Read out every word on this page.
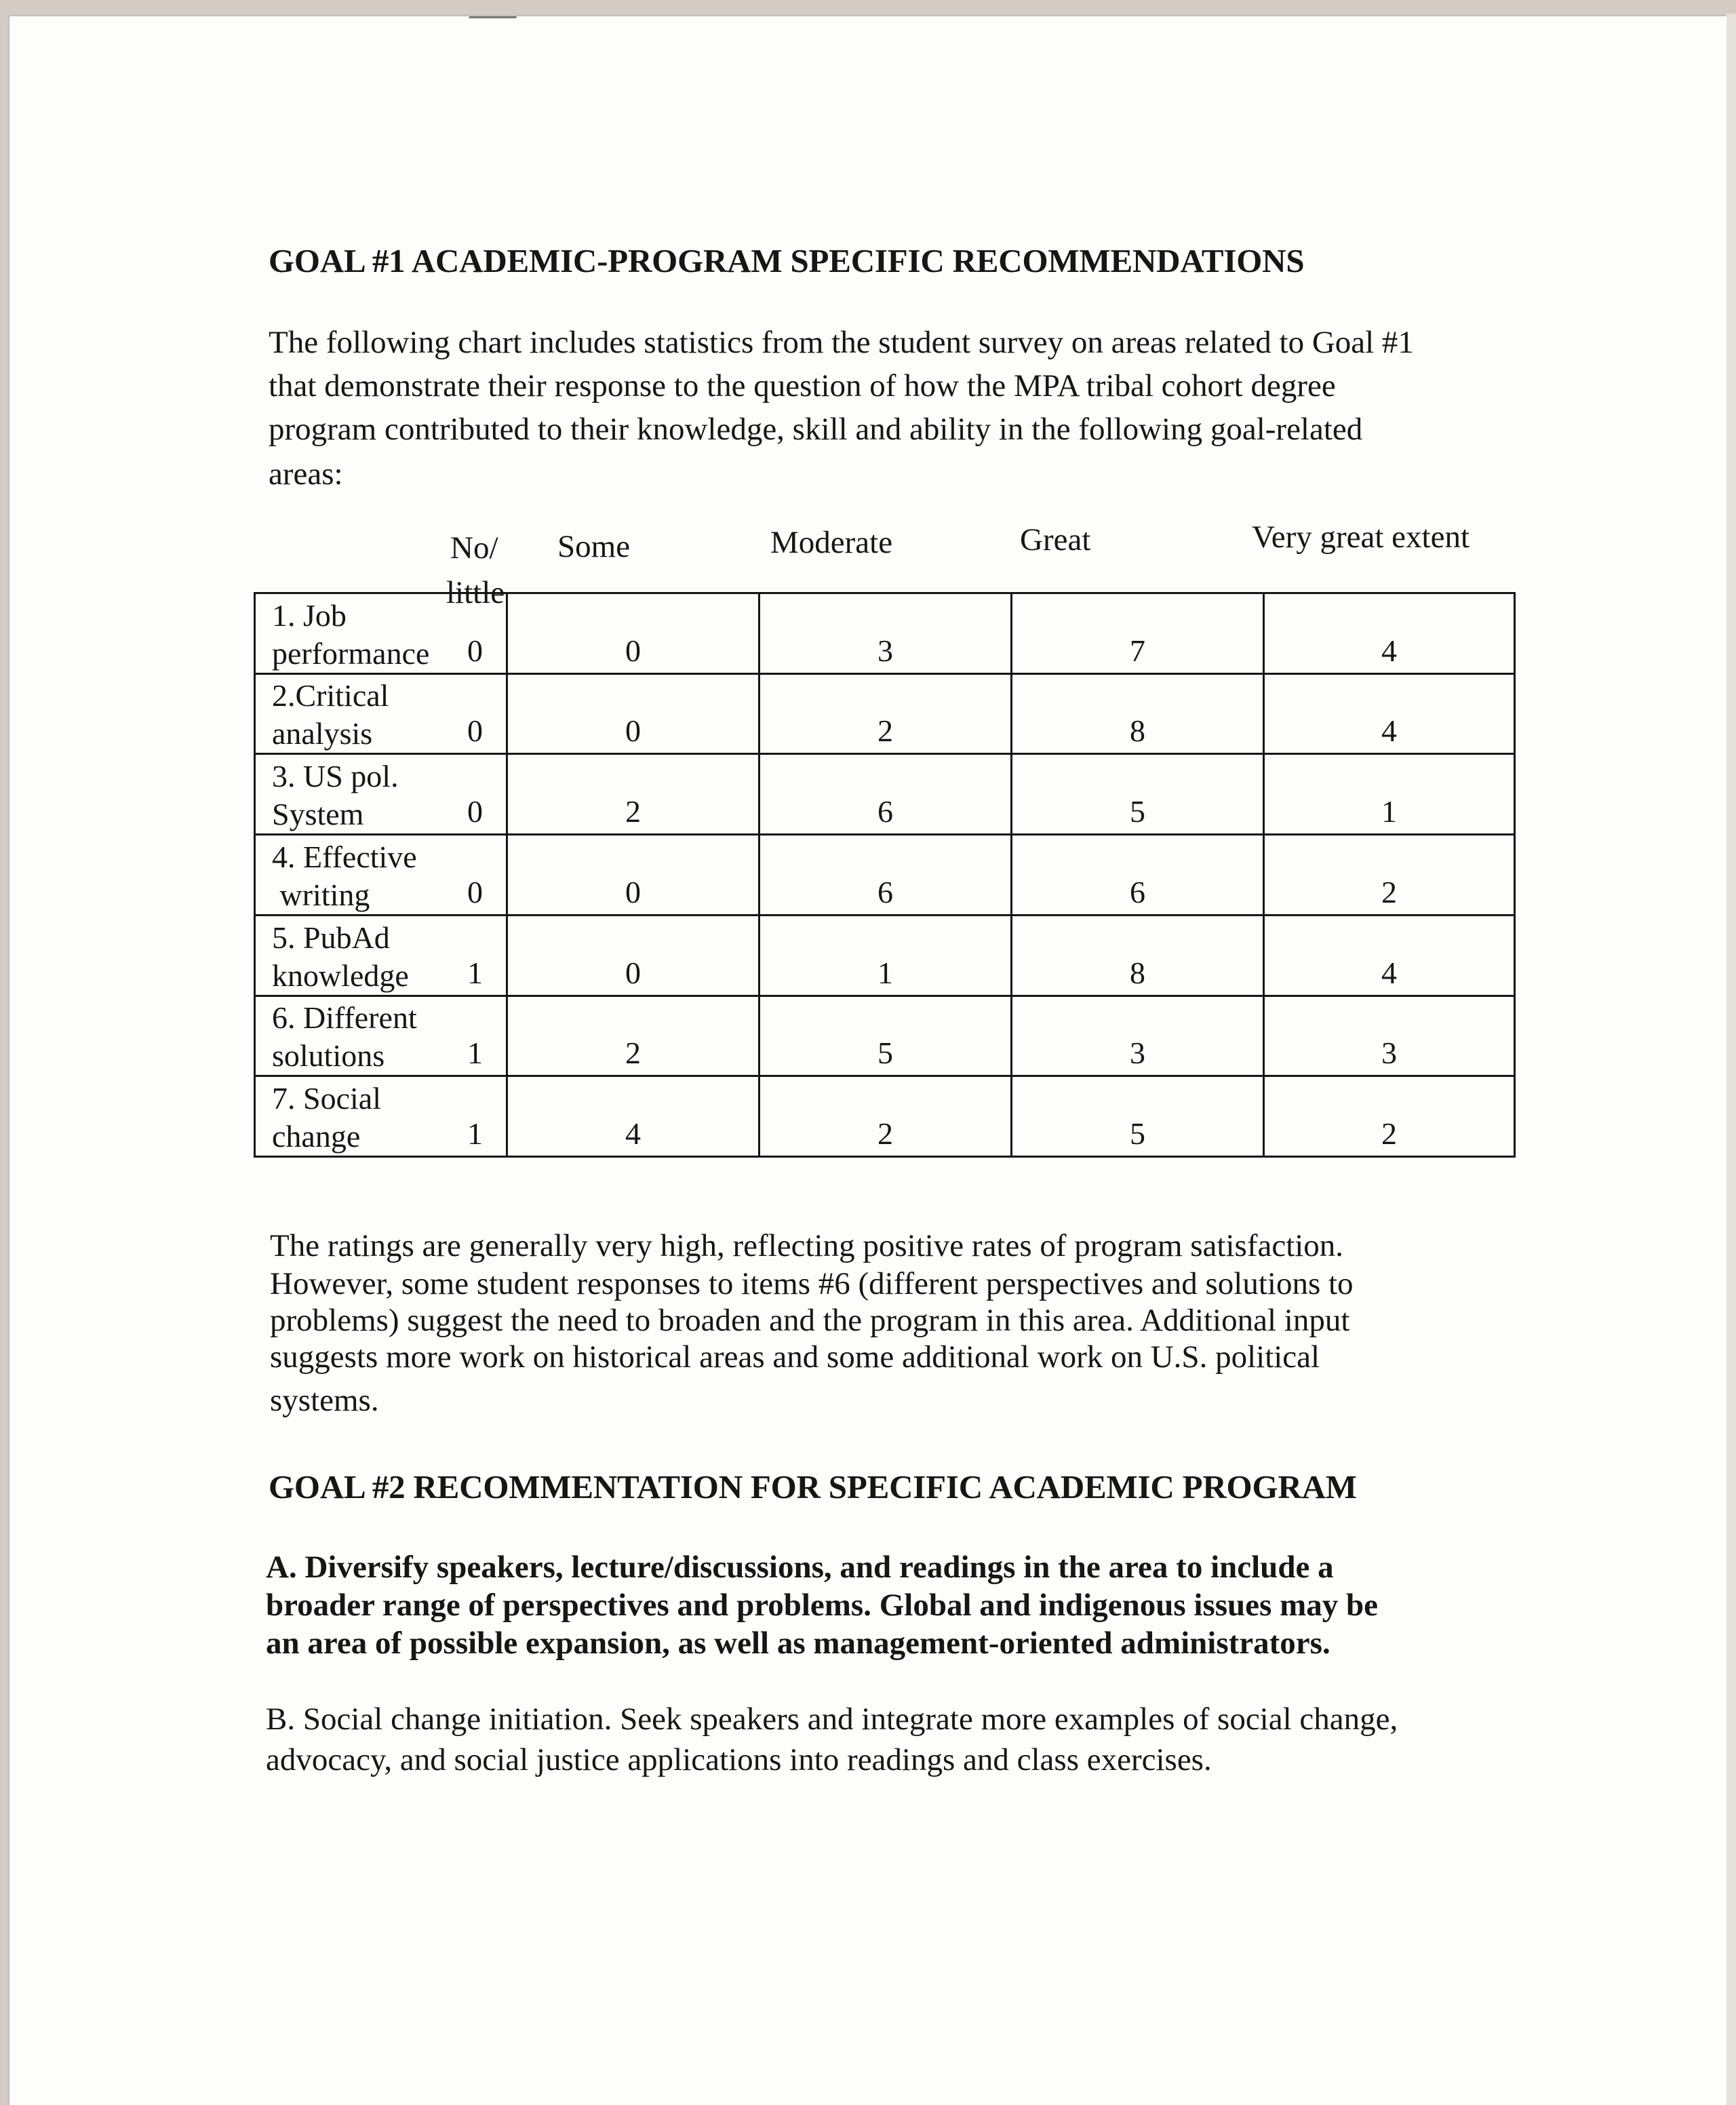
GOAL #1 ACADEMIC-PROGRAM SPECIFIC RECOMMENDATIONS

The following chart includes statistics from the student survey on areas related to Goal #1

that demonstrate their response to the question of how the MPA tribal cohort degree

program contributed to their knowledge, skill and ability in the following goal-related

areas:

No/
little
Some	Moderate	Great	Very great extent
1. Job
performance 0	0	3	7	4

2.Critical
analysis 0	0	2	8	4

3. US pol.
System 0	2	6	5	1

4. Effective
writing 0	0	6	6	2

5. PubAd
knowledge 1	0	1	8	4

6. Different
solutions 1	2	5	3	3

7. Social
change 1	4	2	5	2

The ratings are generally very high, reflecting positive rates of program satisfaction.

However, some student responses to items #6 (different perspectives and solutions to

problems) suggest the need to broaden and the program in this area. Additional input

suggests more work on historical areas and some additional work on U.S. political

systems.

GOAL #2 RECOMMENTATION FOR SPECIFIC ACADEMIC PROGRAM

A. Diversify speakers, lecture/discussions, and readings in the area to include a

broader range of perspectives and problems. Global and indigenous issues may be

an area of possible expansion, as well as management-oriented administrators.

B. Social change initiation. Seek speakers and integrate more examples of social change,

advocacy, and social justice applications into readings and class exercises.
